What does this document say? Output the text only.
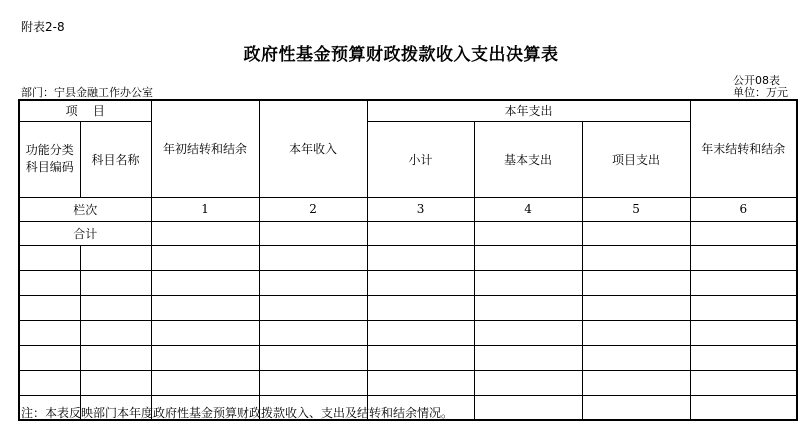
附表2-8
政府性基金预算财政拨款收入支出决算表
公开08表
部门：宁县金融工作办公室	单位：万元
项    目		年初结转和结余	本年收入	本年支出			年末结转和结余

功能分类
科目编码	科目名称			小计	基本支出	项目支出	
栏次		1	2	3	4	5	6
合计							

注：本表反映部门本年度政府性基金预算财政拨款收入、支出及结转和结余情况。
